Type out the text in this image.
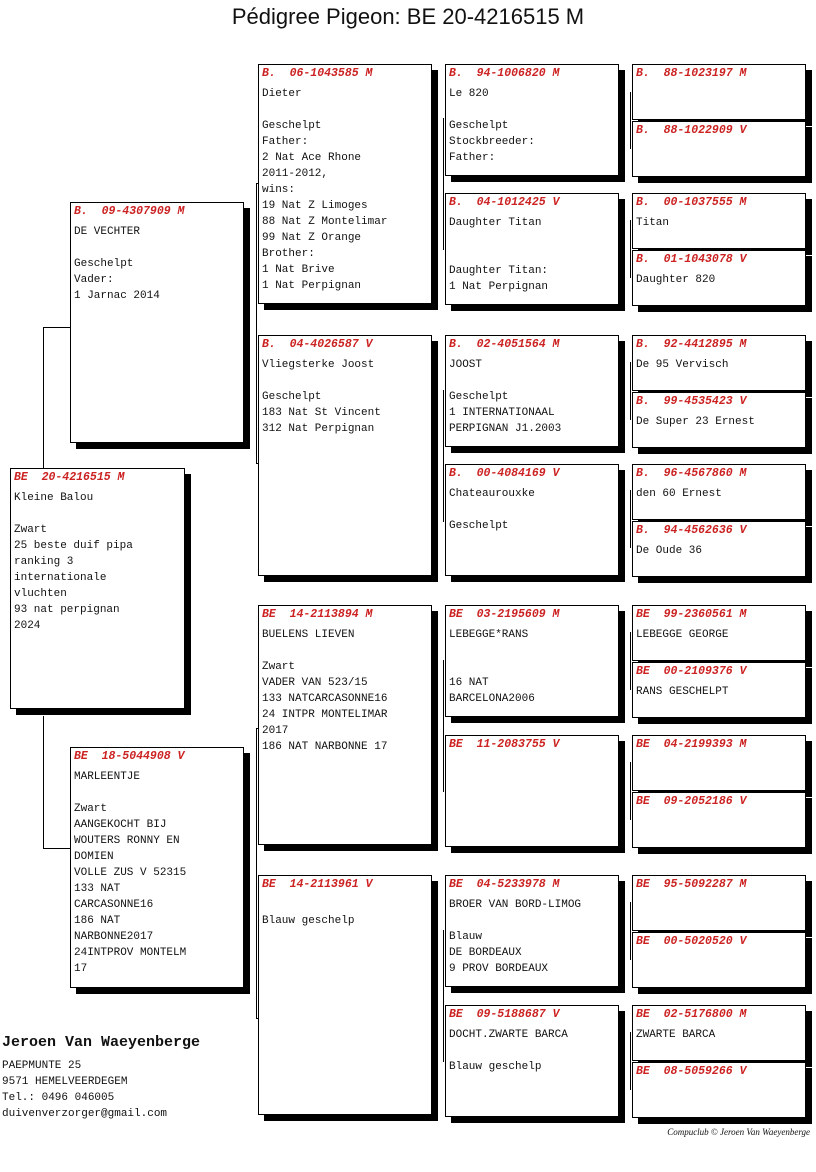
Pédigree Pigeon: BE 20-4216515 M
BE  20-4216515 M
Kleine Balou

Zwart
25 beste duif pipa
ranking 3
internationale
vluchten
93 nat perpignan
2024
B.  09-4307909 M
DE VECHTER

Geschelpt
Vader:
1 Jarnac 2014
BE  18-5044908 V
MARLEENTJE

Zwart
AANGEKOCHT BIJ
WOUTERS RONNY EN
DOMIEN
VOLLE ZUS V 52315
133 NAT
CARCASONNE16
186 NAT
NARBONNE2017
24INTPROV MONTELM
17
B.  06-1043585 M
Dieter

Geschelpt
Father:
2 Nat Ace Rhone
2011-2012,
wins:
19 Nat Z Limoges
88 Nat Z Montelimar
99 Nat Z Orange
Brother:
1 Nat Brive
1 Nat Perpignan
B.  04-4026587 V
Vliegsterke Joost

Geschelpt
183 Nat St Vincent
312 Nat Perpignan
BE  14-2113894 M
BUELENS LIEVEN

Zwart
VADER VAN 523/15
133 NATCARCASONNE16
24 INTPR MONTELIMAR
2017
186 NAT NARBONNE 17
BE  14-2113961 V

Blauw geschelp
B.  94-1006820 M
Le 820

Geschelpt
Stockbreeder:
Father:
B.  04-1012425 V
Daughter Titan

Daughter Titan:
1 Nat Perpignan
B.  02-4051564 M
JOOST

Geschelpt
1 INTERNATIONAAL
PERPIGNAN J1.2003
B.  00-4084169 V
Chateaurouxke

Geschelpt
BE  03-2195609 M
LEBEGGE*RANS

16 NAT
BARCELONA2006
BE  11-2083755 V
BE  04-5233978 M
BROER VAN BORD-LIMOG

Blauw
DE BORDEAUX
9 PROV BORDEAUX
BE  09-5188687 V
DOCHT.ZWARTE BARCA

Blauw geschelp
B.  88-1023197 M
B.  88-1022909 V
B.  00-1037555 M
Titan
B.  01-1043078 V
Daughter 820
B.  92-4412895 M
De 95 Vervisch
B.  99-4535423 V
De Super 23 Ernest
B.  96-4567860 M
den 60 Ernest
B.  94-4562636 V
De Oude 36
BE  99-2360561 M
LEBEGGE GEORGE
BE  00-2109376 V
RANS GESCHELPT
BE  04-2199393 M
BE  09-2052186 V
BE  95-5092287 M
BE  00-5020520 V
BE  02-5176800 M
ZWARTE BARCA
BE  08-5059266 V
Jeroen Van Waeyenberge
PAEPMUNTE 25
9571 HEMELVEERDEGEM
Tel.: 0496 046005
duivenverzorger@gmail.com
Compuclub © Jeroen Van Waeyenberge
